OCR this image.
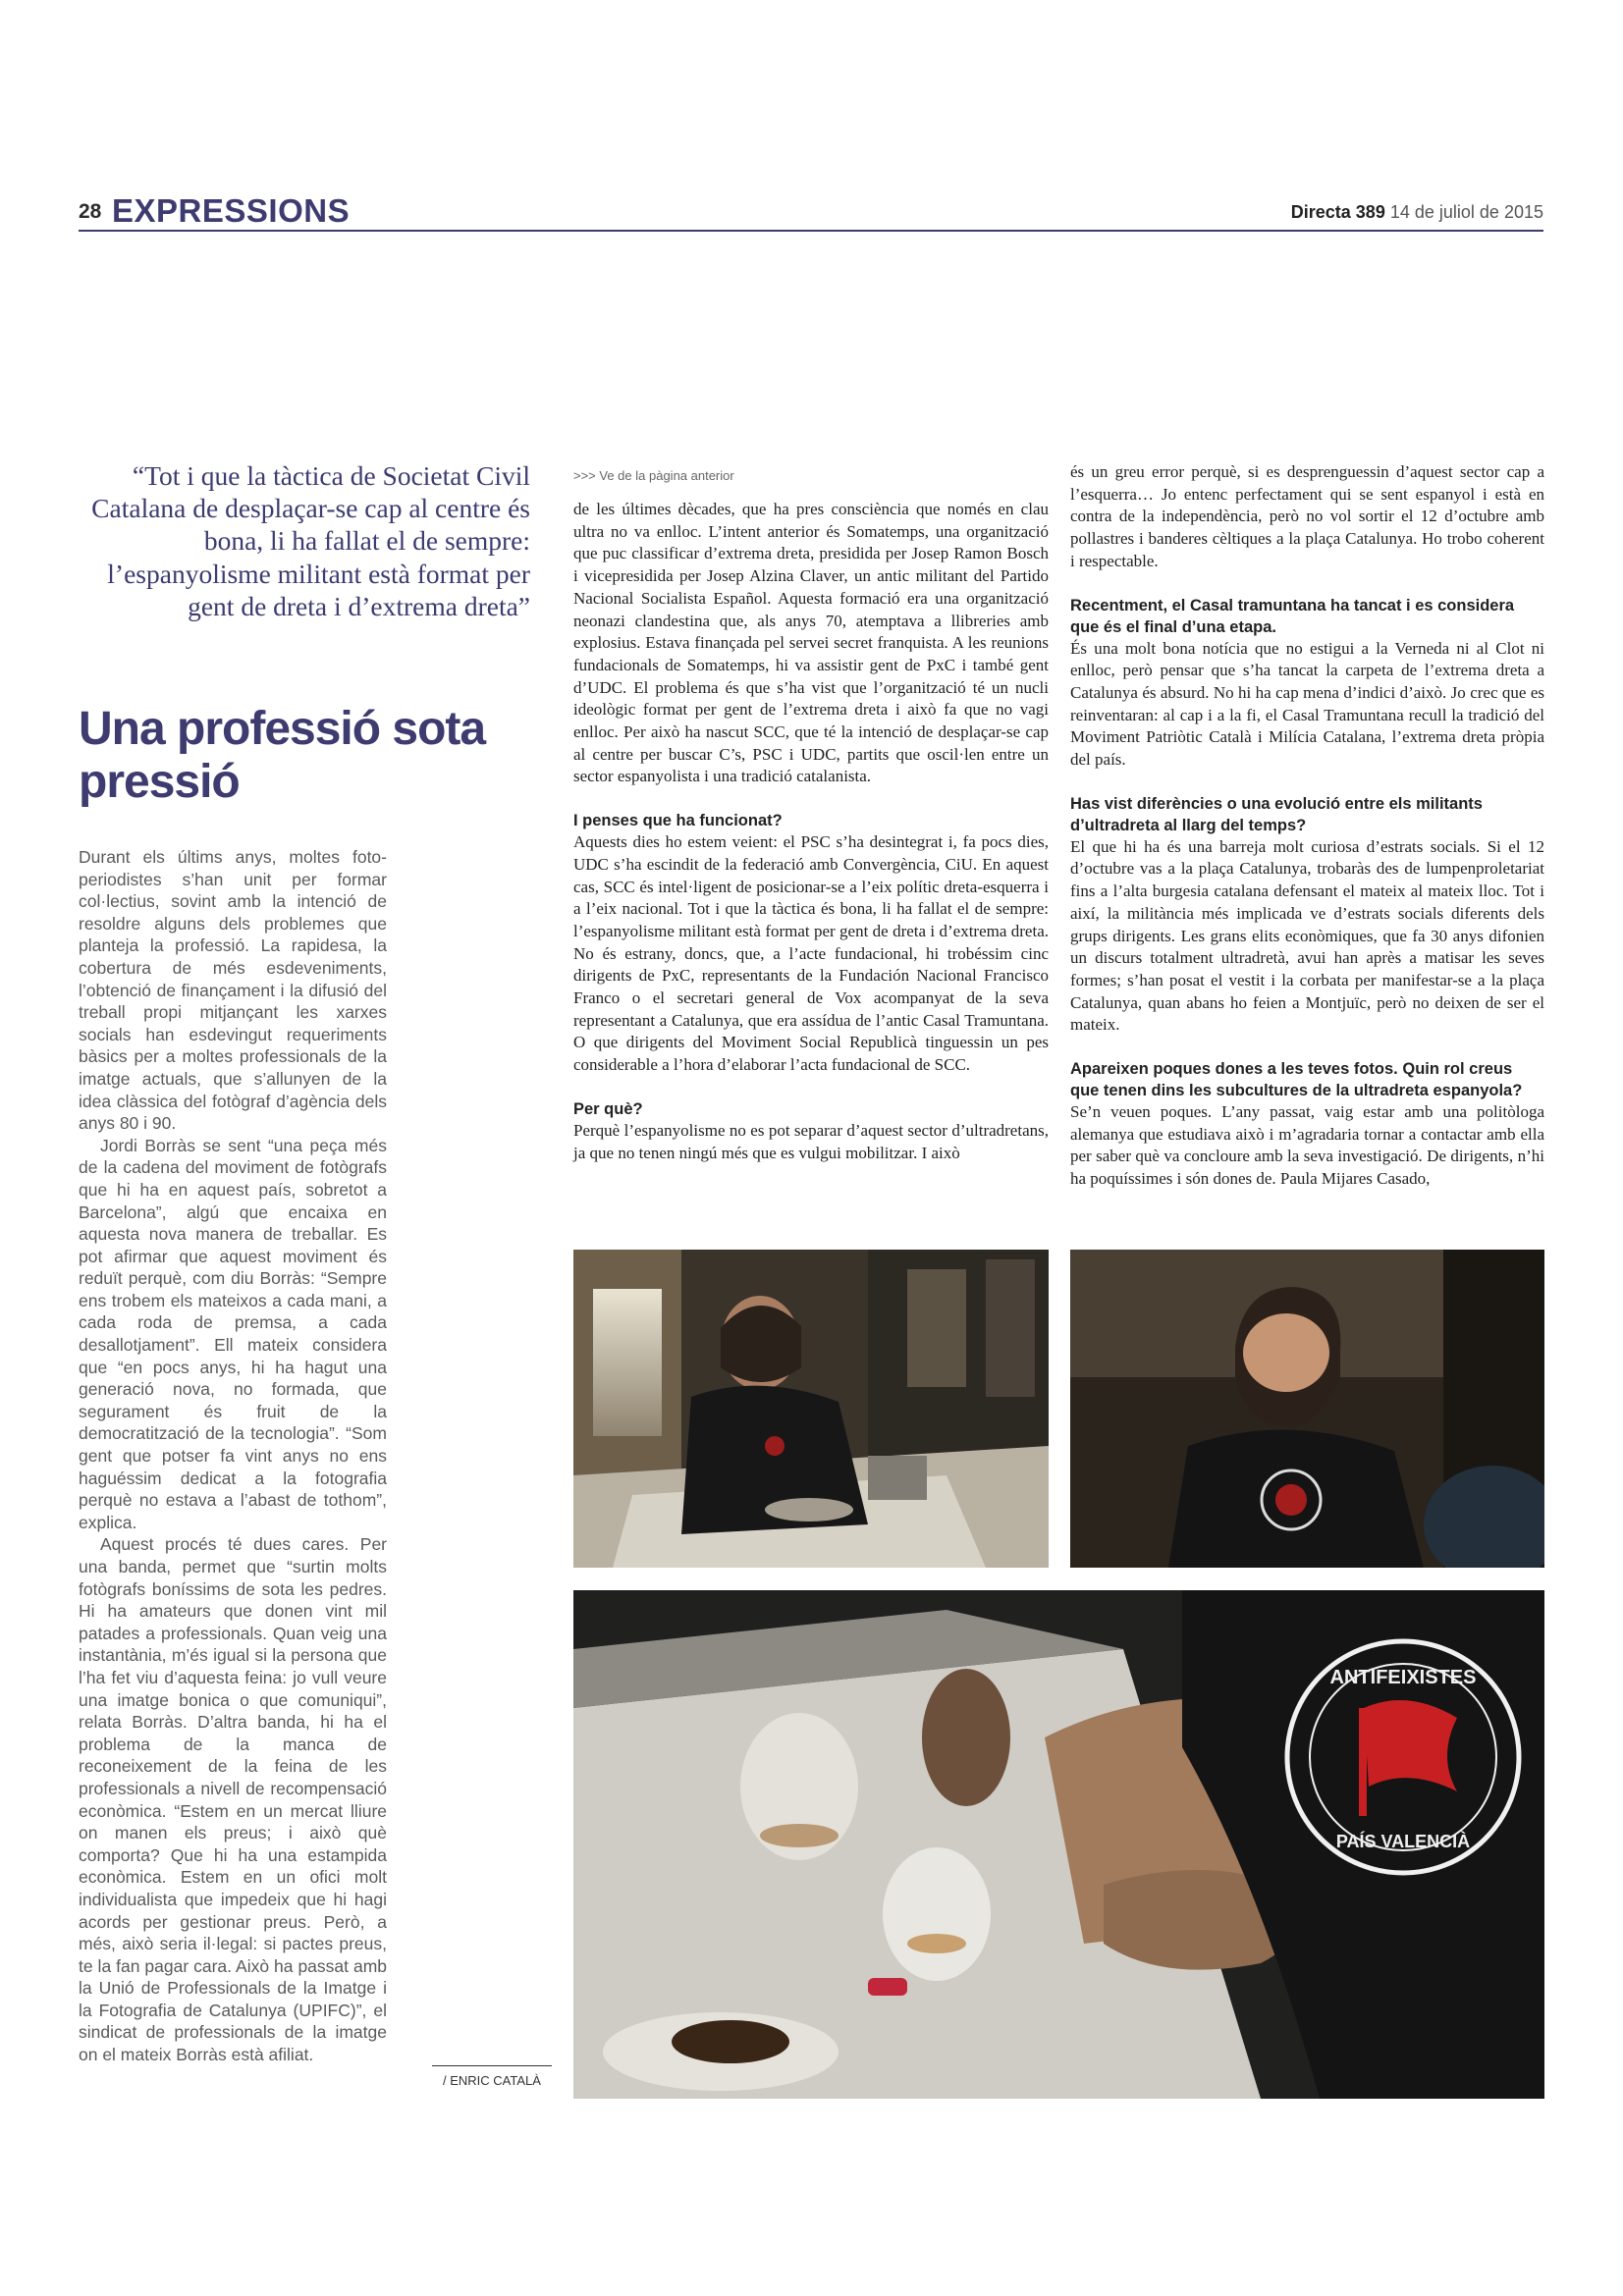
28 EXPRESSIONS	Directa 389 14 de juliol de 2015
“Tot i que la tàctica de Societat Civil Catalana de desplaçar-se cap al centre és bona, li ha fallat el de sempre: l’espanyolisme militant està format per gent de dreta i d’extrema dreta”
Una professió sota pressió

Durant els últims anys, moltes foto-periodistes s’han unit per formar col·lectius, sovint amb la intenció de resoldre alguns dels problemes que planteja la professió. La rapidesa, la cobertura de més esdeveniments, l’obtenció de finançament i la difusió del treball propi mitjançant les xarxes socials han esdevingut requeriments bàsics per a moltes professionals de la imatge actuals, que s’allunyen de la idea clàssica del fotògraf d’agència dels anys 80 i 90.

Jordi Borràs se sent “una peça més de la cadena del moviment de fotògrafs que hi ha en aquest país, sobretot a Barcelona”, algú que encaixa en aquesta nova manera de treballar. Es pot afirmar que aquest moviment és reduït perquè, com diu Borràs: “Sempre ens trobem els mateixos a cada mani, a cada roda de premsa, a cada desallotjament”. Ell mateix considera que “en pocs anys, hi ha hagut una generació nova, no formada, que segurament és fruit de la democratització de la tecnologia”. “Som gent que potser fa vint anys no ens haguéssim dedicat a la fotografia perquè no estava a l’abast de tothom”, explica.

Aquest procés té dues cares. Per una banda, permet que “surtin molts fotògrafs boníssims de sota les pedres. Hi ha amateurs que donen vint mil patades a professionals. Quan veig una instantània, m’és igual si la persona que l’ha fet viu d’aquesta feina: jo vull veure una imatge bonica o que comuniqui”, relata Borràs. D’altra banda, hi ha el problema de la manca de reconeixement de la feina de les professionals a nivell de recompensació econòmica. “Estem en un mercat lliure on manen els preus; i això què comporta? Que hi ha una estampida econòmica. Estem en un ofici molt individualista que impedeix que hi hagi acords per gestionar preus. Però, a més, això seria il·legal: si pactes preus, te la fan pagar cara. Això ha passat amb la Unió de Professionals de la Imatge i la Fotografia de Catalunya (UPIFC)”, el sindicat de professionals de la imatge on el mateix Borràs està afiliat.

/ ENRIC CATALÀ

>>> Ve de la pàgina anterior

de les últimes dècades, que ha pres consciència que només en clau ultra no va enlloc. L’intent anterior és Somatemps, una organització que puc classificar d’extrema dreta, presidida per Josep Ramon Bosch i vicepresidida per Josep Alzina Claver, un antic militant del Partido Nacional Socialista Español. Aquesta formació era una organització neonazi clandestina que, als anys 70, atemptava a llibreries amb explosius. Estava finançada pel servei secret franquista. A les reunions fundacionals de Somatemps, hi va assistir gent de PxC i també gent d’UDC. El problema és que s’ha vist que l’organització té un nucli ideològic format per gent de l’extrema dreta i això fa que no vagi enlloc. Per això ha nascut SCC, que té la intenció de desplaçar-se cap al centre per buscar C’s, PSC i UDC, partits que oscil·len entre un sector espanyolista i una tradició catalanista.

I penses que ha funcionat?

Aquests dies ho estem veient: el PSC s’ha desintegrat i, fa pocs dies, UDC s’ha escindit de la federació amb Convergència, CiU. En aquest cas, SCC és intel·ligent de posicionar-se a l’eix polític dreta-esquerra i a l’eix nacional. Tot i que la tàctica és bona, li ha fallat el de sempre: l’espanyolisme militant està format per gent de dreta i d’extrema dreta. No és estrany, doncs, que, a l’acte fundacional, hi trobéssim cinc dirigents de PxC, representants de la Fundación Nacional Francisco Franco o el secretari general de Vox acompanyat de la seva representant a Catalunya, que era assídua de l’antic Casal Tramuntana. O que dirigents del Moviment Social Republicà tinguessin un pes considerable a l’hora d’elaborar l’acta fundacional de SCC.

Per què?

Perquè l’espanyolisme no es pot separar d’aquest sector d’ultradretans, ja que no tenen ningú més que es vulgui mobilitzar. I això

és un greu error perquè, si es desprenguessin d’aquest sector cap a l’esquerra… Jo entenc perfectament qui se sent espanyol i està en contra de la independència, però no vol sortir el 12 d’octubre amb pollastres i banderes cèltiques a la plaça Catalunya. Ho trobo coherent i respectable.

Recentment, el Casal tramuntana ha tancat i es considera que és el final d’una etapa.

És una molt bona notícia que no estigui a la Verneda ni al Clot ni enlloc, però pensar que s’ha tancat la carpeta de l’extrema dreta a Catalunya és absurd. No hi ha cap mena d’indici d’això. Jo crec que es reinventaran: al cap i a la fi, el Casal Tramuntana recull la tradició del Moviment Patriòtic Català i Milícia Catalana, l’extrema dreta pròpia del país.

Has vist diferències o una evolució entre els militants d’ultradreta al llarg del temps?

El que hi ha és una barreja molt curiosa d’estrats socials. Si el 12 d’octubre vas a la plaça Catalunya, trobaràs des de lumpenproletariat fins a l’alta burgesia catalana defensant el mateix al mateix lloc. Tot i així, la militància més implicada ve d’estrats socials diferents dels grups dirigents. Les grans elits econòmiques, que fa 30 anys difonien un discurs totalment ultradretà, avui han après a matisar les seves formes; s’han posat el vestit i la corbata per manifestar-se a la plaça Catalunya, quan abans ho feien a Montjuïc, però no deixen de ser el mateix.

Apareixen poques dones a les teves fotos. Quin rol creus que tenen dins les subcultures de la ultradreta espanyola?

Se’n veuen poques. L’any passat, vaig estar amb una politòloga alemanya que estudiava això i m’agradaria tornar a contactar amb ella per saber què va concloure amb la seva investigació. De dirigents, n’hi ha poquíssimes i són dones de. Paula Mijares Casado,

ANTIFEIXISTES
PAÍS VALENCIÀ
